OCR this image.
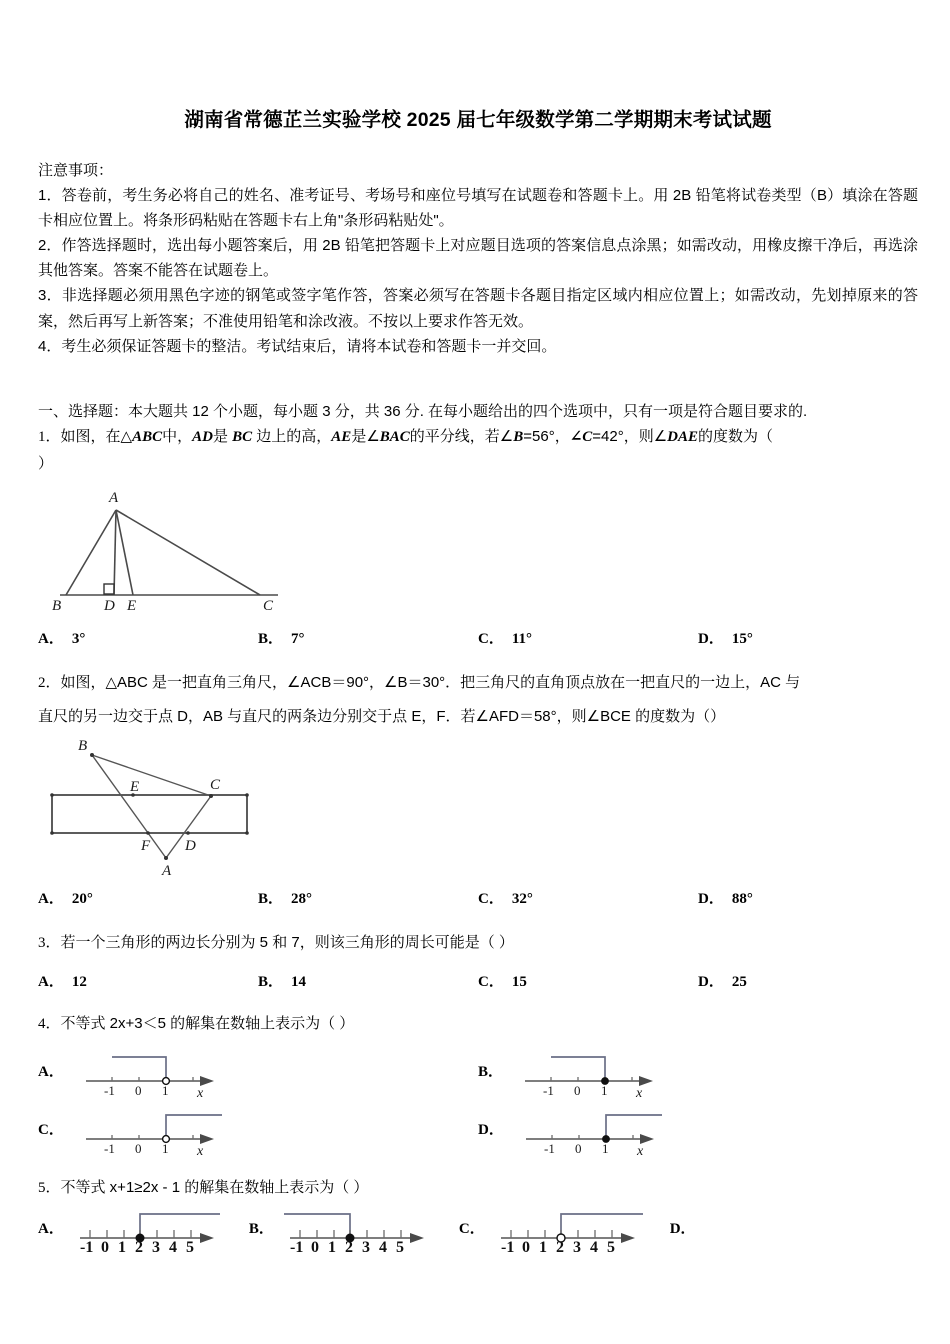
湖南省常德芷兰实验学校 2025 届七年级数学第二学期期末考试试题
注意事项：

1．答卷前，考生务必将自己的姓名、准考证号、考场号和座位号填写在试题卷和答题卡上。用 2B 铅笔将试卷类型（B）填涂在答题卡相应位置上。将条形码粘贴在答题卡右上角"条形码粘贴处"。

2．作答选择题时，选出每小题答案后，用 2B 铅笔把答题卡上对应题目选项的答案信息点涂黑；如需改动，用橡皮擦干净后，再选涂其他答案。答案不能答在试题卷上。

3．非选择题必须用黑色字迹的钢笔或签字笔作答，答案必须写在答题卡各题目指定区域内相应位置上；如需改动，先划掉原来的答案，然后再写上新答案；不准使用铅笔和涂改液。不按以上要求作答无效。

4．考生必须保证答题卡的整洁。考试结束后，请将本试卷和答题卡一并交回。

一、选择题：本大题共 12 个小题，每小题 3 分，共 36 分. 在每小题给出的四个选项中，只有一项是符合题目要求的.

1．如图，在△ABC中，AD是 BC 边上的高，AE是∠BAC的平分线，若∠B=56°，∠C=42°，则∠DAE的度数为（

）

A
B	D E	C
A． 3°	B． 7°	C． 11°	D． 15°

2．如图，△ABC 是一把直角三角尺，∠ACB＝90°，∠B＝30°．把三角尺的直角顶点放在一把直尺的一边上，AC 与

直尺的另一边交于点 D，AB 与直尺的两条边分别交于点 E，F．若∠AFD＝58°，则∠BCE 的度数为（）

B
E	C
F D
A
A． 20°	B． 28°	C． 32°	D． 88°

3．若一个三角形的两边长分别为 5 和 7，则该三角形的周长可能是（ ）

A． 12	B． 14	C． 15	D． 25

4．不等式 2x+3＜5 的解集在数轴上表示为（ ）

A．
-1 0 1 x
B．
-1 0 1 x
C．
-1 0 1 x
D．
-1 0 1 x

5．不等式 x+1≥2x - 1 的解集在数轴上表示为（ ）

A．
-1 0 1 2 3 4 5
B．
-1 0 1 2 3 4 5
C．
-1 0 1 2 3 4 5
D．
